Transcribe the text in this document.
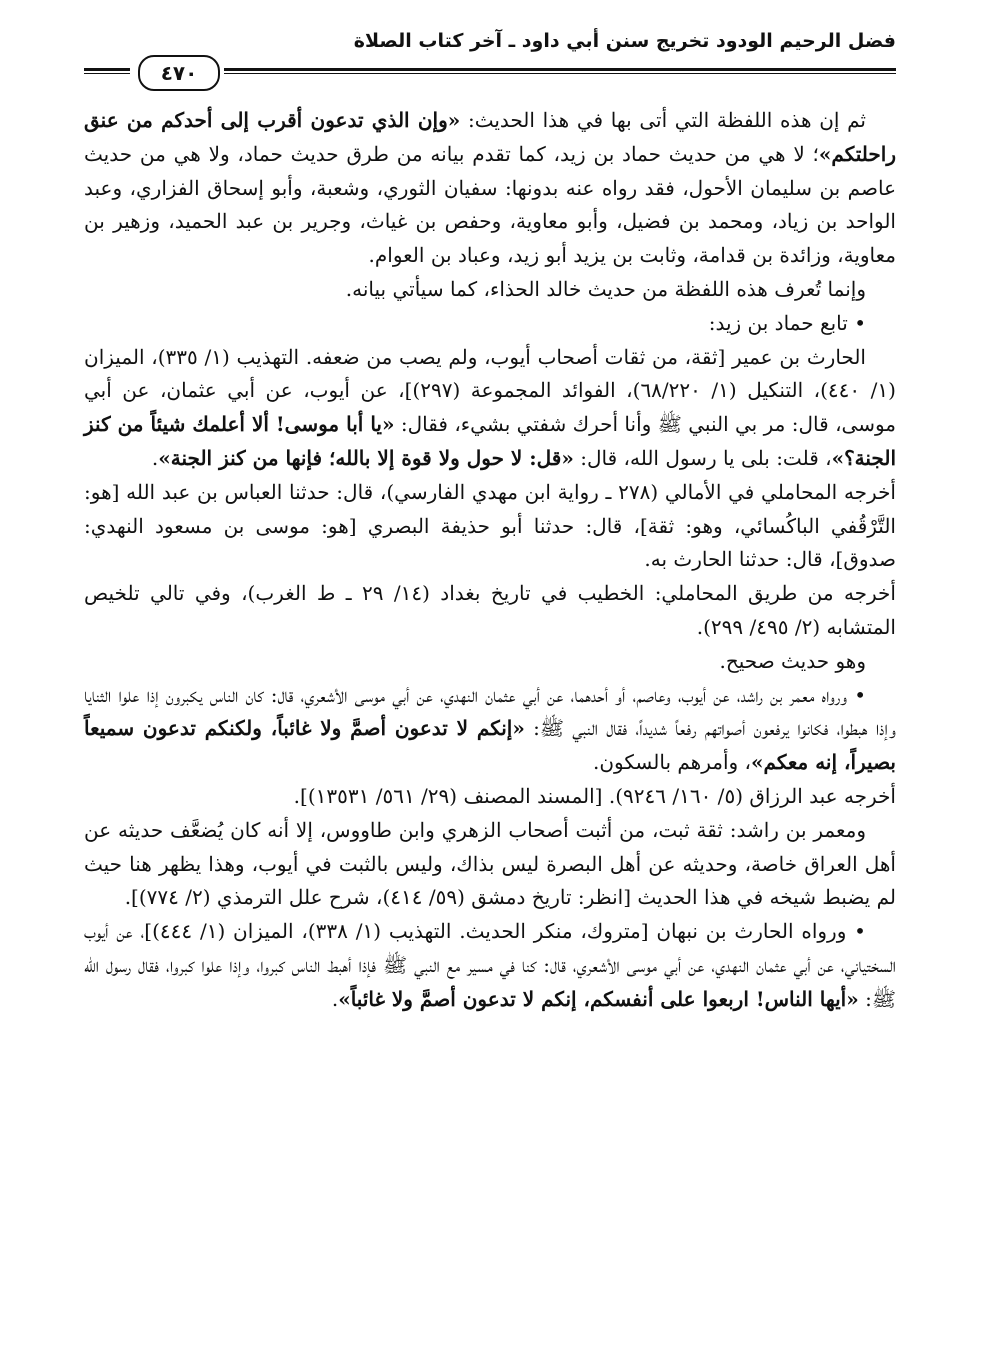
فضل الرحيم الودود تخريج سنن أبي داود ـ آخر كتاب الصلاة
٤٧٠

ثم إن هذه اللفظة التي أتى بها في هذا الحديث: «وإن الذي تدعون أقرب إلى أحدكم من عنق راحلتكم»؛ لا هي من حديث حماد بن زيد، كما تقدم بيانه من طرق حديث حماد، ولا هي من حديث عاصم بن سليمان الأحول، فقد رواه عنه بدونها: سفيان الثوري، وشعبة، وأبو إسحاق الفزاري، وعبد الواحد بن زياد، ومحمد بن فضيل، وأبو معاوية، وحفص بن غياث، وجرير بن عبد الحميد، وزهير بن معاوية، وزائدة بن قدامة، وثابت بن يزيد أبو زيد، وعباد بن العوام.

وإنما تُعرف هذه اللفظة من حديث خالد الحذاء، كما سيأتي بيانه.

• تابع حماد بن زيد:

الحارث بن عمير [ثقة، من ثقات أصحاب أيوب، ولم يصب من ضعفه. التهذيب (١/ ٣٣٥)، الميزان (١/ ٤٤٠)، التنكيل (١/ ٦٨/٢٢٠)، الفوائد المجموعة (٢٩٧)]، عن أيوب، عن أبي عثمان، عن أبي موسى، قال: مر بي النبي ﷺ وأنا أحرك شفتي بشيء، فقال: «يا أبا موسى! ألا أعلمك شيئاً من كنز الجنة؟»، قلت: بلى يا رسول الله، قال: «قل: لا حول ولا قوة إلا بالله؛ فإنها من كنز الجنة».

أخرجه المحاملي في الأمالي (٢٧٨ ـ رواية ابن مهدي الفارسي)، قال: حدثنا العباس بن عبد الله [هو: التَّرْقُفي الباكُسائي، وهو: ثقة]، قال: حدثنا أبو حذيفة البصري [هو: موسى بن مسعود النهدي: صدوق]، قال: حدثنا الحارث به.

أخرجه من طريق المحاملي: الخطيب في تاريخ بغداد (١٤/ ٢٩ ـ ط الغرب)، وفي تالي تلخيص المتشابه (٢/ ٤٩٥/ ٢٩٩).

وهو حديث صحيح.

• ورواه معمر بن راشد، عن أيوب، وعاصم، أو أحدهما، عن أبي عثمان النهدي، عن أبي موسى الأشعري، قال: كان الناس يكبرون إذا علوا الثنايا وإذا هبطوا، فكانوا يرفعون أصواتهم رفعاً شديداً، فقال النبي ﷺ: «إنكم لا تدعون أصمَّ ولا غائباً، ولكنكم تدعون سميعاً بصيراً، إنه معكم»، وأمرهم بالسكون.

أخرجه عبد الرزاق (٥/ ١٦٠/ ٩٢٤٦). [المسند المصنف (٢٩/ ٥٦١/ ١٣٥٣١)].

ومعمر بن راشد: ثقة ثبت، من أثبت أصحاب الزهري وابن طاووس، إلا أنه كان يُضعَّف حديثه عن أهل العراق خاصة، وحديثه عن أهل البصرة ليس بذاك، وليس بالثبت في أيوب، وهذا يظهر هنا حيث لم يضبط شيخه في هذا الحديث [انظر: تاريخ دمشق (٥٩/ ٤١٤)، شرح علل الترمذي (٢/ ٧٧٤)].

• ورواه الحارث بن نبهان [متروك، منكر الحديث. التهذيب (١/ ٣٣٨)، الميزان (١/ ٤٤٤)]، عن أيوب السختياني، عن أبي عثمان النهدي، عن أبي موسى الأشعري، قال: كنا في مسير مع النبي ﷺ فإذا أهبط الناس كبروا، وإذا علوا كبروا، فقال رسول الله ﷺ: «أيها الناس! اربعوا على أنفسكم، إنكم لا تدعون أصمَّ ولا غائباً».
